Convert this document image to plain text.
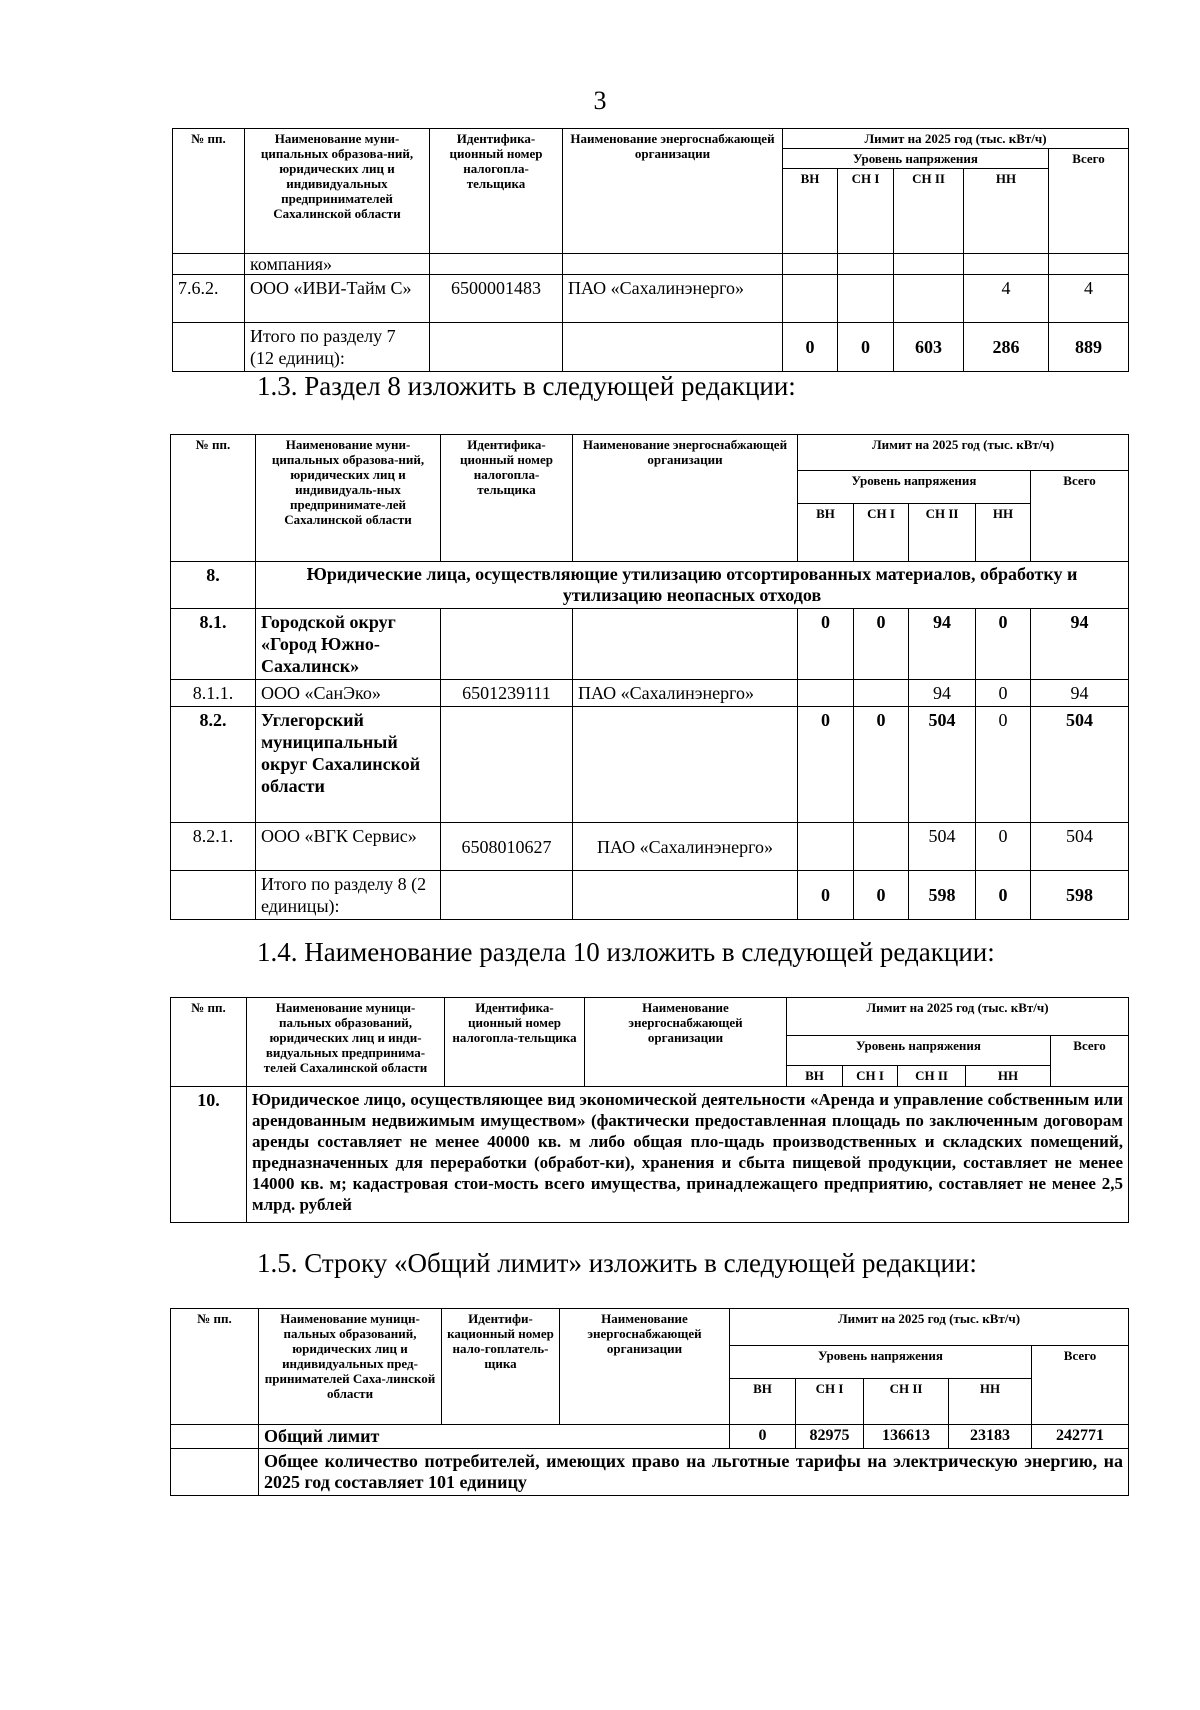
3
№ пп.	Наименование муни-ципальных образова-ний, юридических лиц и индивидуальных предпринимателей Сахалинской области	Идентифика-ционный номер налогопла-тельщика	Наименование энергоснабжающей организации	Лимит на 2025 год (тыс. кВт/ч)				
				Уровень напряжения				Всего
				ВН	СН I	СН II	НН	
	компания»							
7.6.2.	ООО «ИВИ-Тайм С»	6500001483	ПАО «Сахалинэнерго»				4	4
	Итого по разделу 7 (12 единиц):			0	0	603	286	889
1.3. Раздел 8 изложить в следующей редакции:
№ пп.	Наименование муни-ципальных образова-ний, юридических лиц и индивидуаль-ных предпринимате-лей Сахалинской области	Идентифика-ционный номер налогопла-тельщика	Наименование энергоснабжающей организации	Лимит на 2025 год (тыс. кВт/ч)				
				Уровень напряжения				Всего
				ВН	СН I	СН II	НН	
8.	Юридические лица, осуществляющие утилизацию отсортированных материалов, обработку и утилизацию неопасных отходов							
8.1.	Городской округ «Город Южно-Сахалинск»			0	0	94	0	94
8.1.1.	ООО «СанЭко»	6501239111	ПАО «Сахалинэнерго»			94	0	94
8.2.	Углегорский муниципальный округ Сахалинской области			0	0	504	0	504
8.2.1.	ООО «ВГК Сервис»	6508010627	ПАО «Сахалинэнерго»			504	0	504
	Итого по разделу 8 (2 единицы):			0	0	598	0	598
1.4. Наименование раздела 10 изложить в следующей редакции:
№ пп.	Наименование муници-пальных образований, юридических лиц и инди-видуальных предпринима-телей Сахалинской области	Идентифика-ционный номер налогопла-тельщика	Наименование энергоснабжающей организации	Лимит на 2025 год (тыс. кВт/ч)				
				Уровень напряжения				Всего
				ВН	СН I	СН II	НН	
10.	Юридическое лицо, осуществляющее вид экономической деятельности «Аренда и управление собственным или арендованным недвижимым имуществом» (фактически предоставленная площадь по заключенным договорам аренды составляет не менее 40000 кв. м либо общая пло-щадь производственных и складских помещений, предназначенных для переработки (обработ-ки), хранения и сбыта пищевой продукции, составляет не менее 14000 кв. м; кадастровая стои-мость всего имущества, принадлежащего предприятию, составляет не менее 2,5 млрд. рублей							
1.5. Строку «Общий лимит» изложить в следующей редакции:
№ пп.	Наименование муницн-пальных образований, юридических лиц и индивидуальных пред-принимателей Саха-линской области	Идентифи-кационный номер нало-гоплатель-щика	Наименование энергоснабжающей организации	Лимит на 2025 год (тыс. кВт/ч)				
				Уровень напряжения				Всего
				ВН	СН I	СН II	НН	
	Общий лимит			0	82975	136613	23183	242771
	Общее количество потребителей, имеющих право на льготные тарифы на электрическую энергию, на 2025 год составляет 101 единицу							
